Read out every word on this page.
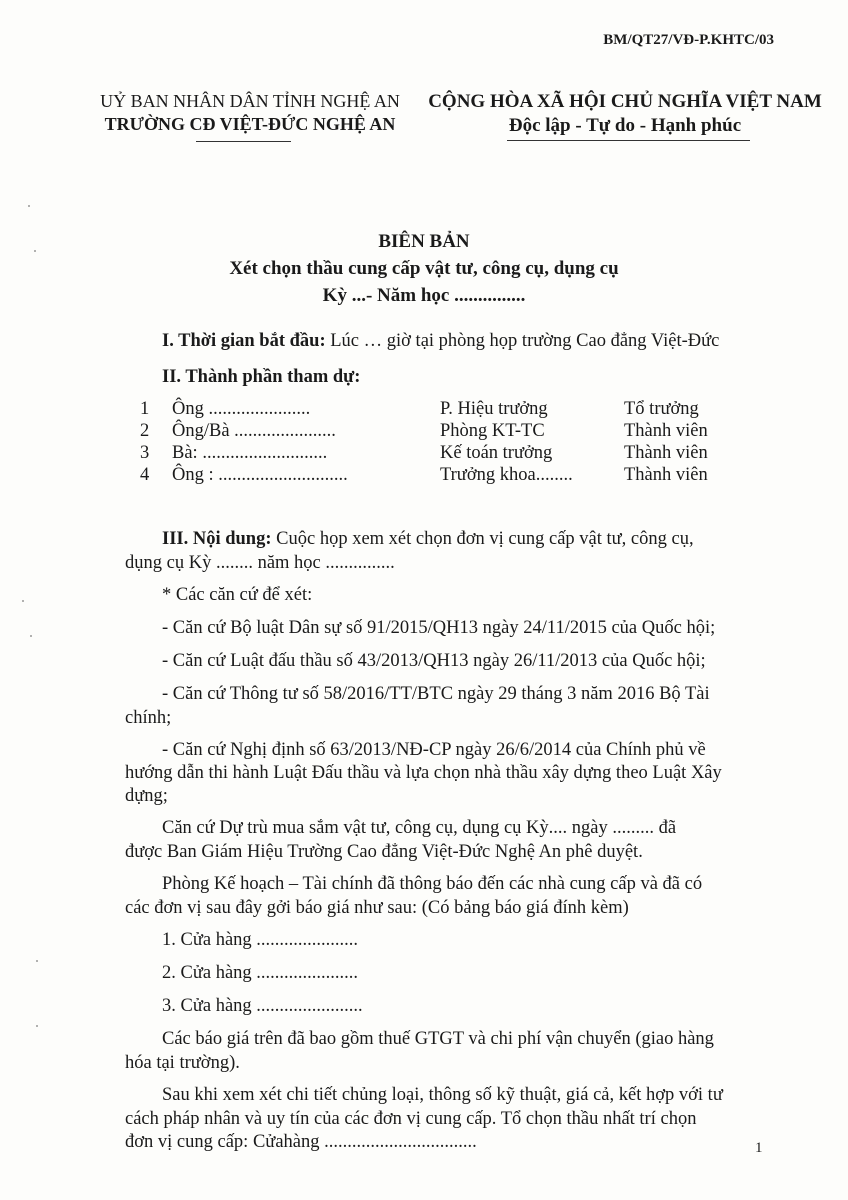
BM/QT27/VĐ-P.KHTC/03
UỶ BAN NHÂN DÂN TỈNH NGHỆ AN
TRƯỜNG CĐ VIỆT-ĐỨC NGHỆ AN
CỘNG HÒA XÃ HỘI CHỦ NGHĨA VIỆT NAM
Độc lập - Tự do - Hạnh phúc
BIÊN BẢN
Xét chọn thầu cung cấp vật tư, công cụ, dụng cụ
Kỳ ...- Năm học ...............
I. Thời gian bắt đầu: Lúc … giờ tại phòng họp trường Cao đẳng Việt-Đức
II. Thành phần tham dự:
1 Ông ......................	P. Hiệu trưởng	Tổ trưởng
2 Ông/Bà ......................	Phòng KT-TC	Thành viên
3 Bà: ...........................	Kế toán trưởng	Thành viên
4 Ông : ............................	Trưởng khoa........	Thành viên
III. Nội dung: Cuộc họp xem xét chọn đơn vị cung cấp vật tư, công cụ,
dụng cụ Kỳ ........ năm học ...............
* Các căn cứ để xét:
- Căn cứ Bộ luật Dân sự số 91/2015/QH13 ngày 24/11/2015 của Quốc hội;
- Căn cứ Luật đấu thầu số 43/2013/QH13 ngày 26/11/2013 của Quốc hội;
- Căn cứ Thông tư số 58/2016/TT/BTC ngày 29 tháng 3 năm 2016 Bộ Tài
chính;
- Căn cứ Nghị định số 63/2013/NĐ-CP ngày 26/6/2014 của Chính phủ về
hướng dẫn thi hành Luật Đấu thầu và lựa chọn nhà thầu xây dựng theo Luật Xây
dựng;
Căn cứ Dự trù mua sắm vật tư, công cụ, dụng cụ Kỳ.... ngày ......... đã
được Ban Giám Hiệu Trường Cao đẳng Việt-Đức Nghệ An phê duyệt.
Phòng Kế hoạch – Tài chính đã thông báo đến các nhà cung cấp và đã có
các đơn vị sau đây gởi báo giá như sau: (Có bảng báo giá đính kèm)
1. Cửa hàng ......................
2. Cửa hàng ......................
3. Cửa hàng .......................
Các báo giá trên đã bao gồm thuế GTGT và chi phí vận chuyển (giao hàng
hóa tại trường).
Sau khi xem xét chi tiết chủng loại, thông số kỹ thuật, giá cả, kết hợp với tư
cách pháp nhân và uy tín của các đơn vị cung cấp. Tổ chọn thầu nhất trí chọn
đơn vị cung cấp: Cửahàng .................................	1
